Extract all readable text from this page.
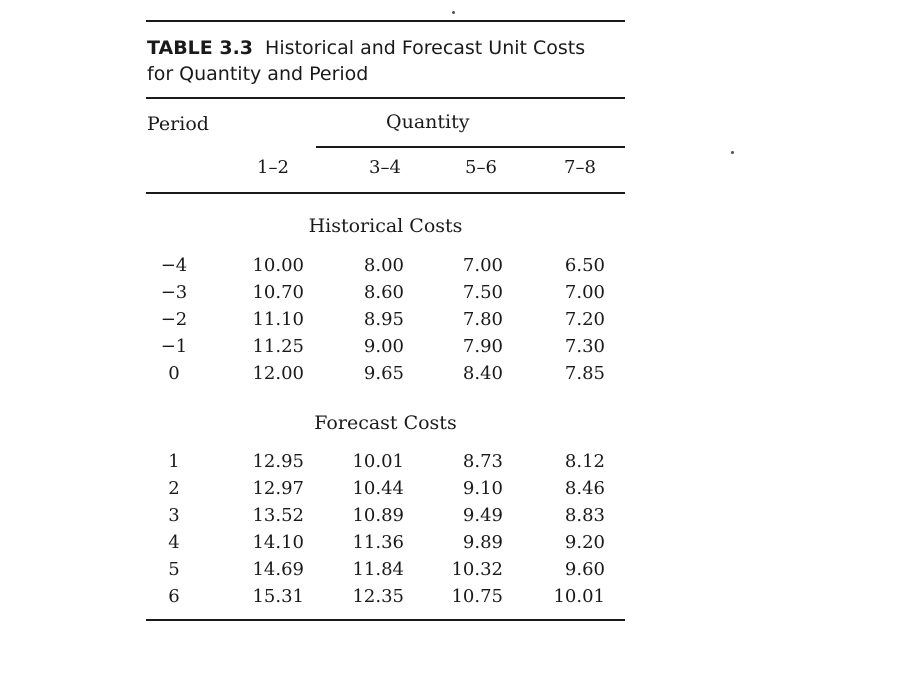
TABLE 3.3 Historical and Forecast Unit Costs
for Quantity and Period
Period	Quantity
1–2	3–4	5–6	7–8
Historical Costs
−4	10.00	8.00	7.00	6.50
−3	10.70	8.60	7.50	7.00
−2	11.10	8.95	7.80	7.20
−1	11.25	9.00	7.90	7.30
0	12.00	9.65	8.40	7.85
Forecast Costs
1	12.95	10.01	8.73	8.12
2	12.97	10.44	9.10	8.46
3	13.52	10.89	9.49	8.83
4	14.10	11.36	9.89	9.20
5	14.69	11.84	10.32	9.60
6	15.31	12.35	10.75	10.01
